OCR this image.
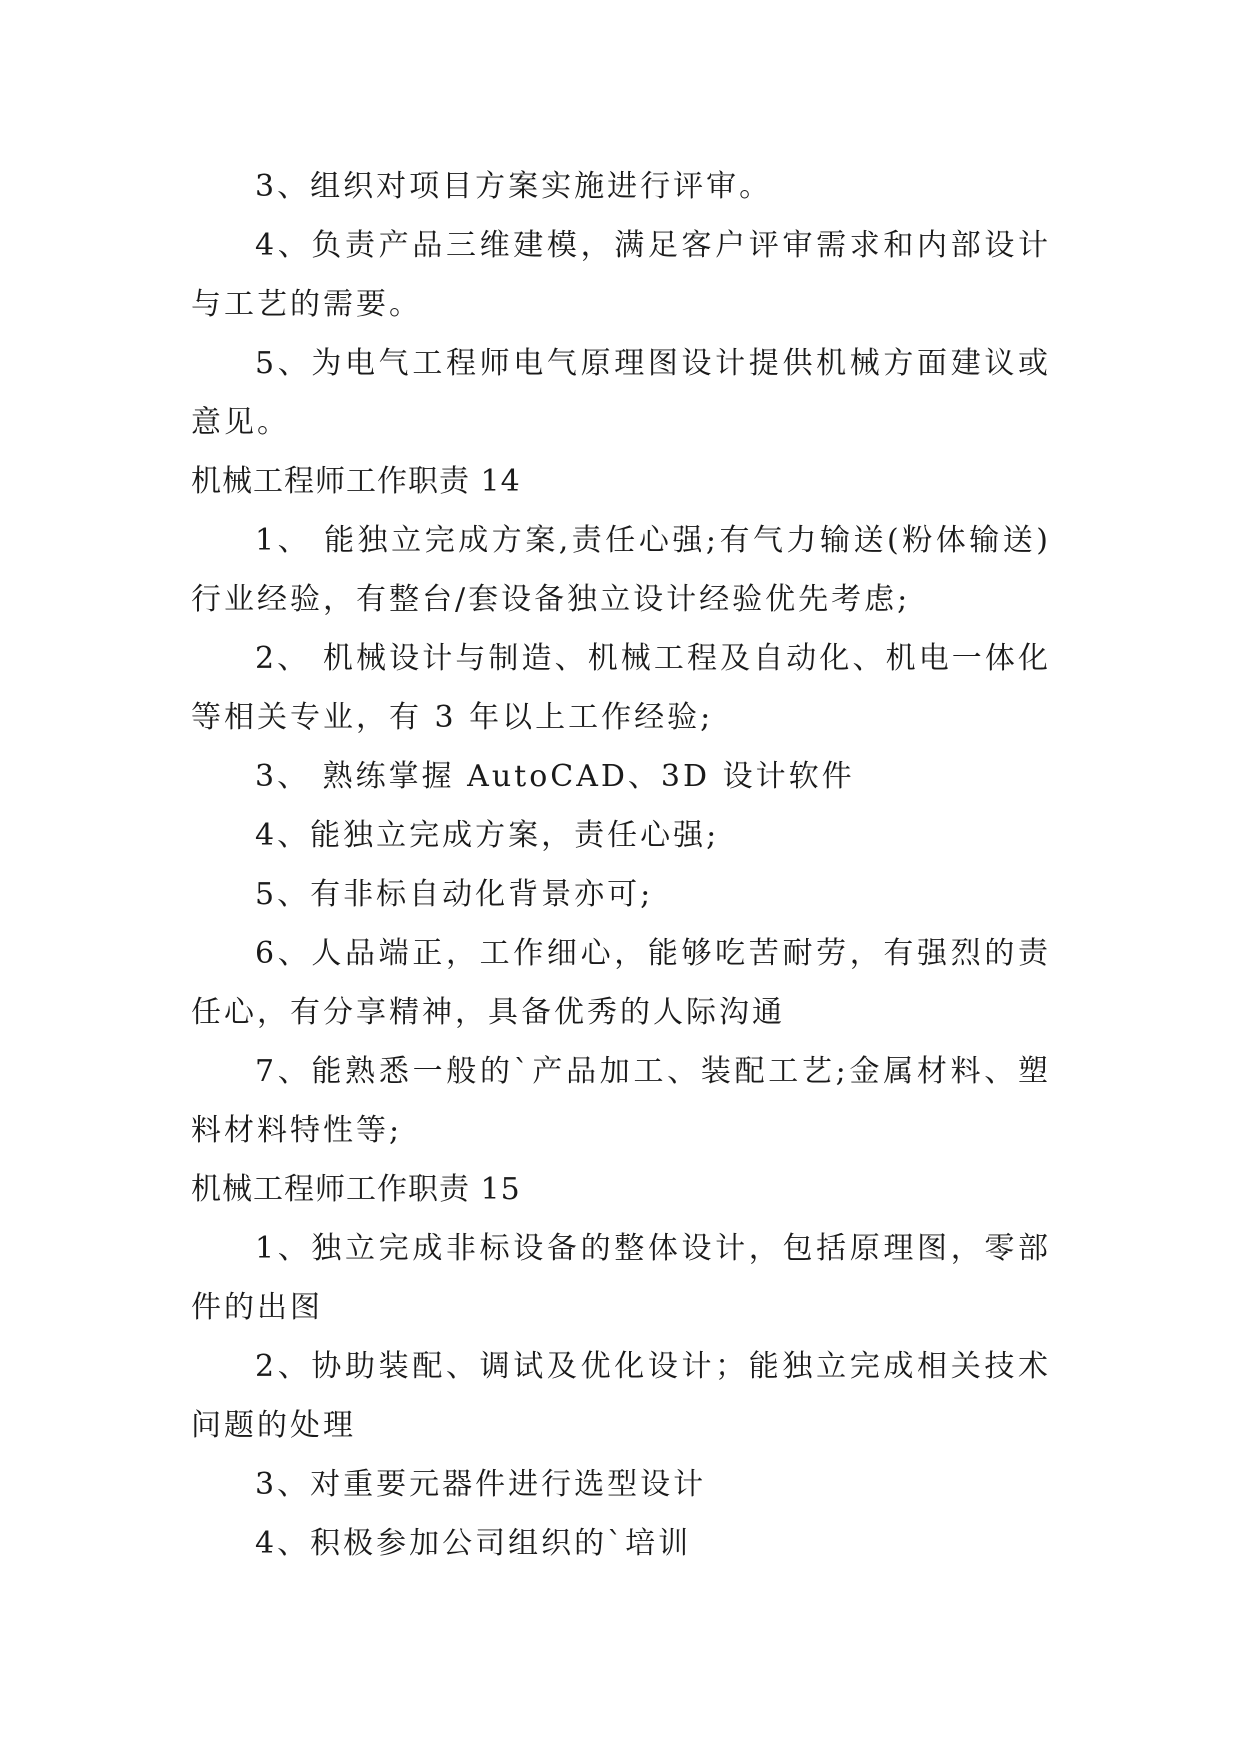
3、组织对项目方案实施进行评审。

4、负责产品三维建模，满足客户评审需求和内部设计与工艺的需要。

5、为电气工程师电气原理图设计提供机械方面建议或意见。

机械工程师工作职责 14

1、 能独立完成方案,责任心强;有气力输送(粉体输送)行业经验，有整台/套设备独立设计经验优先考虑;

2、 机械设计与制造、机械工程及自动化、机电一体化等相关专业，有 3 年以上工作经验;

3、 熟练掌握 AutoCAD、3D 设计软件

4、能独立完成方案，责任心强;

5、有非标自动化背景亦可;

6、人品端正，工作细心，能够吃苦耐劳，有强烈的责任心，有分享精神，具备优秀的人际沟通

7、能熟悉一般的`产品加工、装配工艺;金属材料、塑料材料特性等;

机械工程师工作职责 15

1、独立完成非标设备的整体设计，包括原理图，零部件的出图

2、协助装配、调试及优化设计；能独立完成相关技术问题的处理

3、对重要元器件进行选型设计

4、积极参加公司组织的`培训
